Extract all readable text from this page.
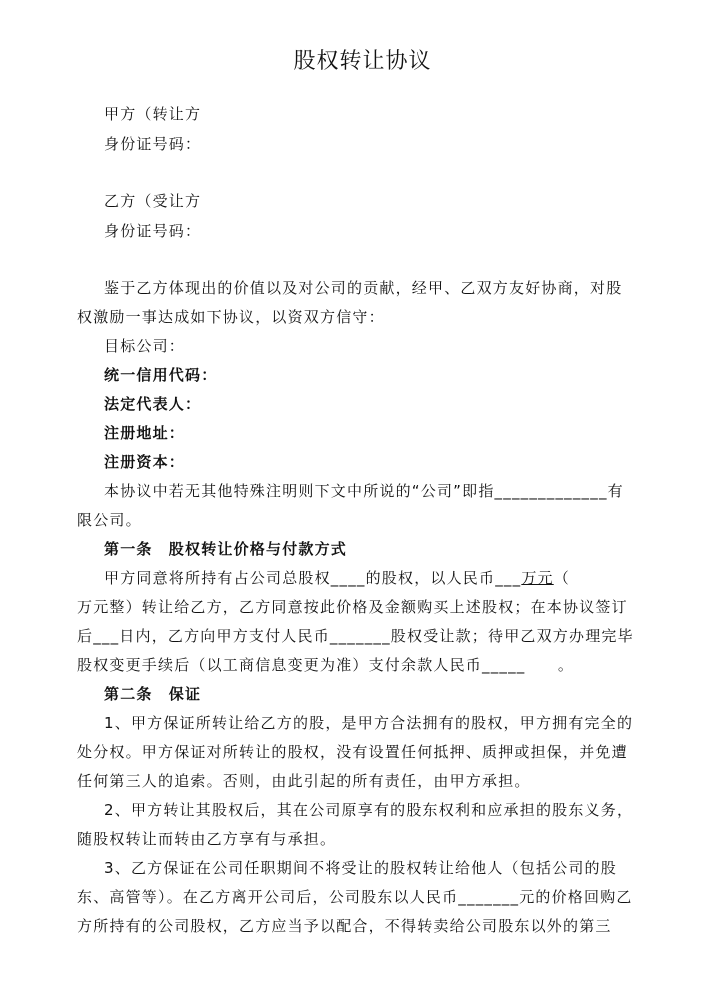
股权转让协议
甲方（转让方
身份证号码：
乙方（受让方
身份证号码：
鉴于乙方体现出的价值以及对公司的贡献，经甲、乙双方友好协商，对股
权激励一事达成如下协议，以资双方信守：
目标公司：
统一信用代码：
法定代表人：
注册地址：
注册资本：
本协议中若无其他特殊注明则下文中所说的“公司”即指_____________有
限公司。
第一条　股权转让价格与付款方式
甲方同意将所持有占公司总股权____的股权，以人民币___万元（
万元整）转让给乙方，乙方同意按此价格及金额购买上述股权；在本协议签订
后___日内，乙方向甲方支付人民币_______股权受让款；待甲乙双方办理完毕
股权变更手续后（以工商信息变更为准）支付余款人民币_____　　。
第二条　保证
1、甲方保证所转让给乙方的股，是甲方合法拥有的股权，甲方拥有完全的
处分权。甲方保证对所转让的股权，没有设置任何抵押、质押或担保，并免遭
任何第三人的追索。否则，由此引起的所有责任，由甲方承担。
2、甲方转让其股权后，其在公司原享有的股东权利和应承担的股东义务，
随股权转让而转由乙方享有与承担。
3、乙方保证在公司任职期间不将受让的股权转让给他人（包括公司的股
东、高管等）。在乙方离开公司后，公司股东以人民币_______元的价格回购乙
方所持有的公司股权，乙方应当予以配合，不得转卖给公司股东以外的第三
